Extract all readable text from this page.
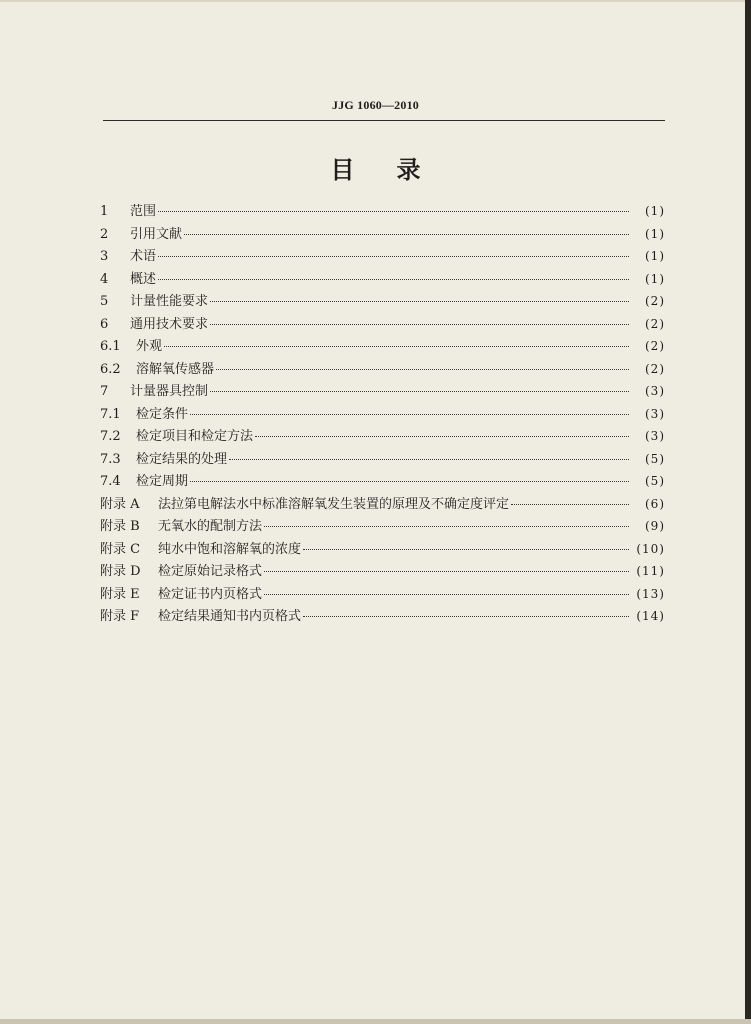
JJG 1060—2010
目录
1	范围	(1)
2	引用文献	(1)
3	术语	(1)
4	概述	(1)
5	计量性能要求	(2)
6	通用技术要求	(2)
6.1	外观	(2)
6.2	溶解氧传感器	(2)
7	计量器具控制	(3)
7.1	检定条件	(3)
7.2	检定项目和检定方法	(3)
7.3	检定结果的处理	(5)
7.4	检定周期	(5)
附录 A	法拉第电解法水中标准溶解氧发生装置的原理及不确定度评定	(6)
附录 B	无氧水的配制方法	(9)
附录 C	纯水中饱和溶解氧的浓度	(10)
附录 D	检定原始记录格式	(11)
附录 E	检定证书内页格式	(13)
附录 F	检定结果通知书内页格式	(14)
